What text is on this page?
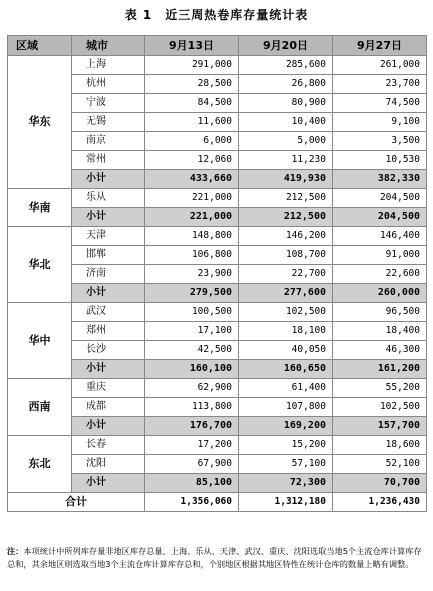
表 1　近三周热卷库存量统计表
区域	城市	9月13日	9月20日	9月27日
华东	上海	291,000	285,600	261,000
	杭州	28,500	26,800	23,700
	宁波	84,500	80,900	74,500
	无锡	11,600	10,400	9,100
	南京	6,000	5,000	3,500
	常州	12,060	11,230	10,530
	小计	433,660	419,930	382,330
华南	乐从	221,000	212,500	204,500
	小计	221,000	212,500	204,500
华北	天津	148,800	146,200	146,400
	邯郸	106,800	108,700	91,000
	济南	23,900	22,700	22,600
	小计	279,500	277,600	260,000
华中	武汉	100,500	102,500	96,500
	郑州	17,100	18,100	18,400
	长沙	42,500	40,050	46,300
	小计	160,100	160,650	161,200
西南	重庆	62,900	61,400	55,200
	成都	113,800	107,800	102,500
	小计	176,700	169,200	157,700
东北	长春	17,200	15,200	18,600
	沈阳	67,900	57,100	52,100
	小计	85,100	72,300	70,700
合计		1,356,060	1,312,180	1,236,430
注：本项统计中所列库存量非地区库存总量，上海、乐从、天津、武汉、重庆、沈阳选取当地5个主流仓库计算库存总和，其余地区则选取当地3个主流仓库计算库存总和，个别地区根据其地区特性在统计仓库的数量上略有调整。
